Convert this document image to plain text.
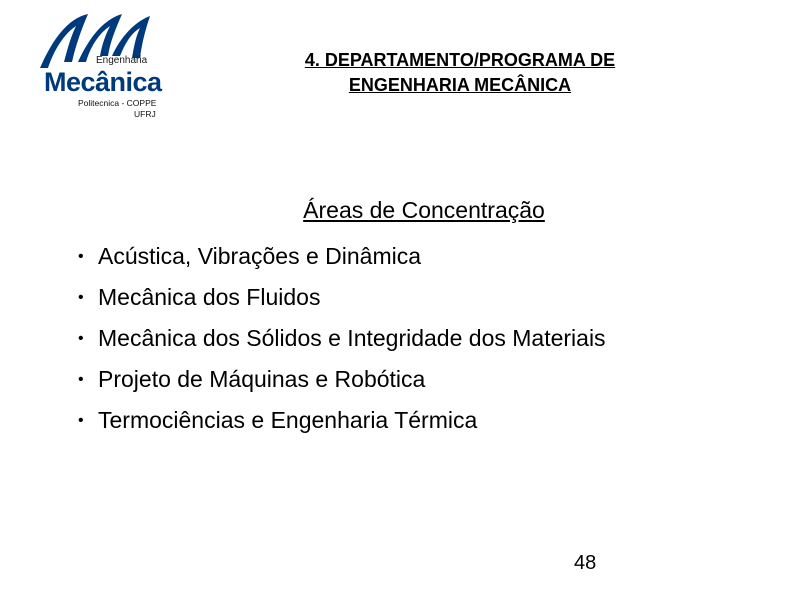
Engenharia
Mecânica
Politecnica - COPPE
UFRJ
4. DEPARTAMENTO/PROGRAMA DE
ENGENHARIA MECÂNICA
Áreas de Concentração
• Acústica, Vibrações e Dinâmica
• Mecânica dos Fluidos
• Mecânica dos Sólidos e Integridade dos Materiais
• Projeto de Máquinas e Robótica
• Termociências e Engenharia Térmica
48
